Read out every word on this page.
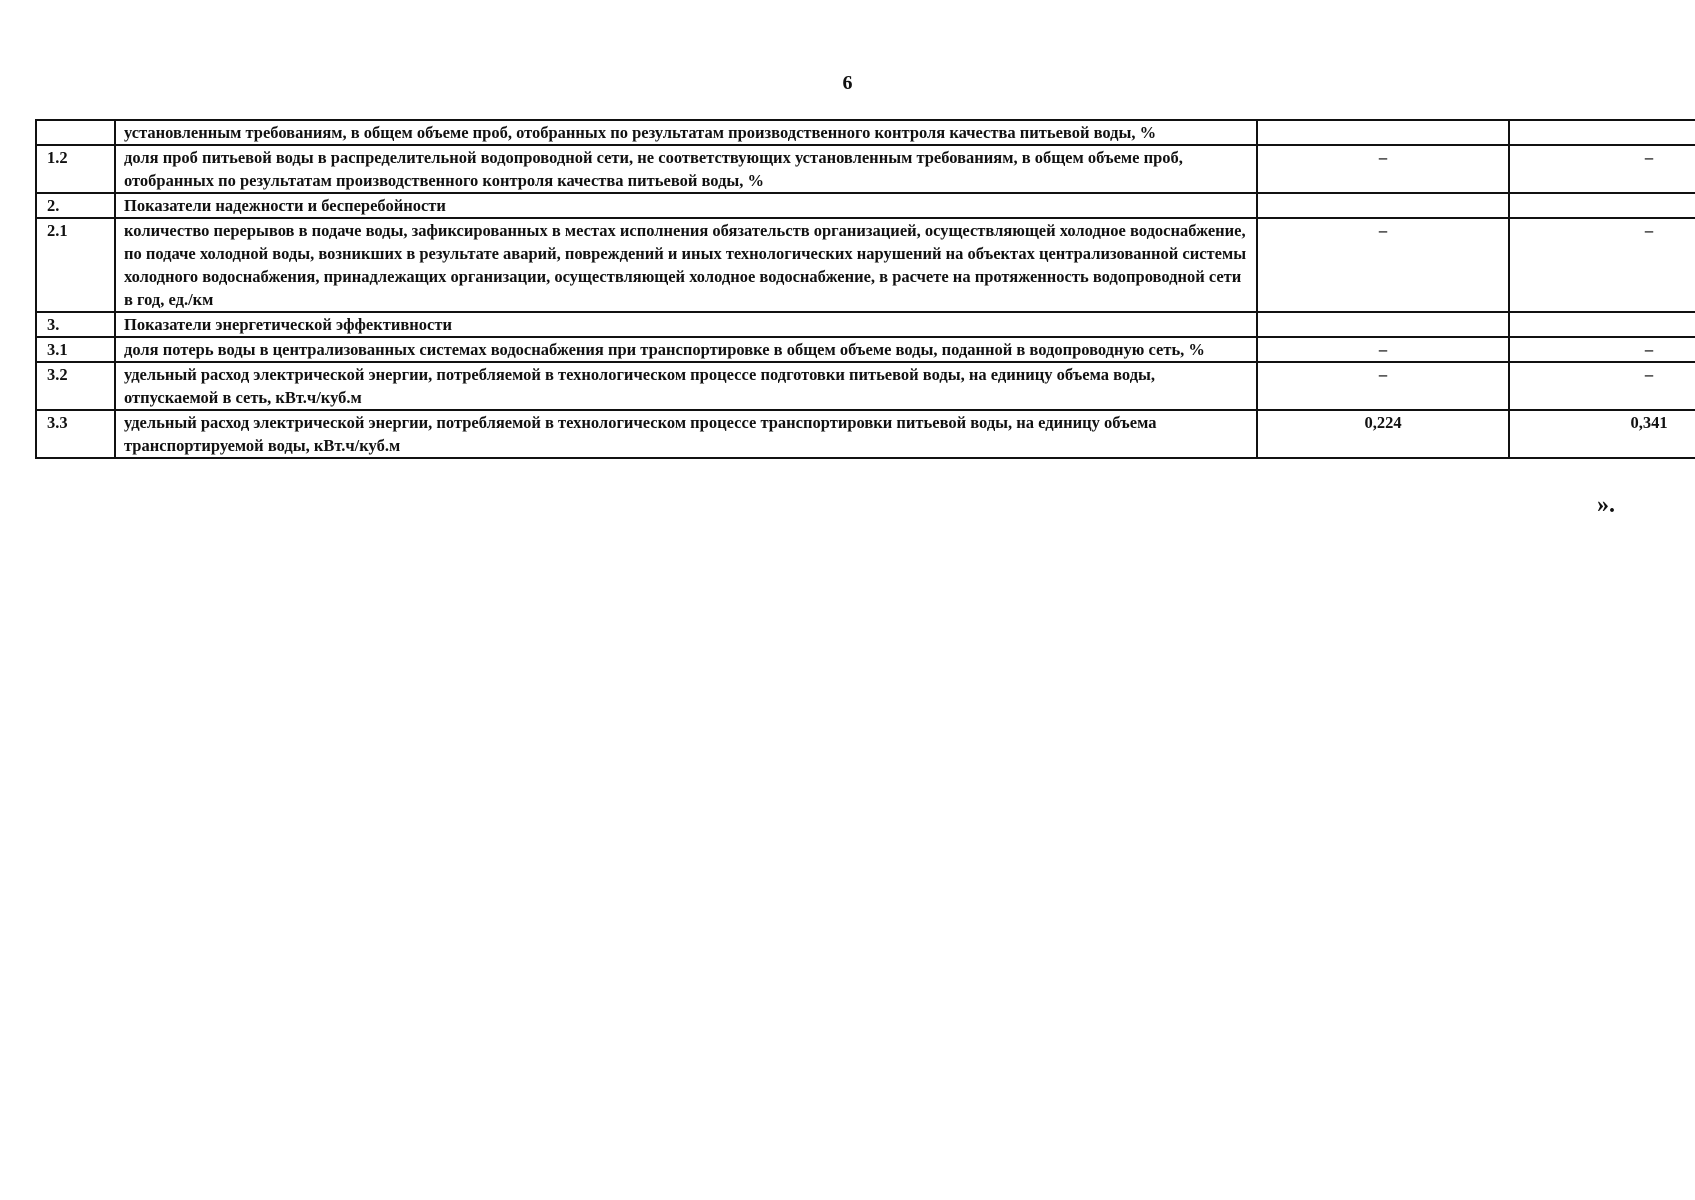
6
	установленным требованиям, в общем объеме проб, отобранных по результатам производственного контроля качества питьевой воды, %		
1.2	доля проб питьевой воды в распределительной водопроводной сети, не соответствующих установленным требованиям, в общем объеме проб, отобранных по результатам производственного контроля качества питьевой воды, %	–	–
2.	Показатели надежности и бесперебойности		
2.1	количество перерывов в подаче воды, зафиксированных в местах исполнения обязательств организацией, осуществляющей холодное водоснабжение, по подаче холодной воды, возникших в результате аварий, повреждений и иных технологических нарушений на объектах централизованной системы холодного водоснабжения, принадлежащих организации, осуществляющей холодное водоснабжение, в расчете на протяженность водопроводной сети в год, ед./км	–	–
3.	Показатели энергетической эффективности		
3.1	доля потерь воды в централизованных системах водоснабжения при транспортировке в общем объеме воды, поданной в водопроводную сеть, %	–	–
3.2	удельный расход электрической энергии, потребляемой в технологическом процессе подготовки питьевой воды, на единицу объема воды, отпускаемой в сеть, кВт.ч/куб.м	–	–
3.3	удельный расход электрической энергии, потребляемой в технологическом процессе транспортировки питьевой воды, на единицу объема транспортируемой воды, кВт.ч/куб.м	0,224	0,341
».
